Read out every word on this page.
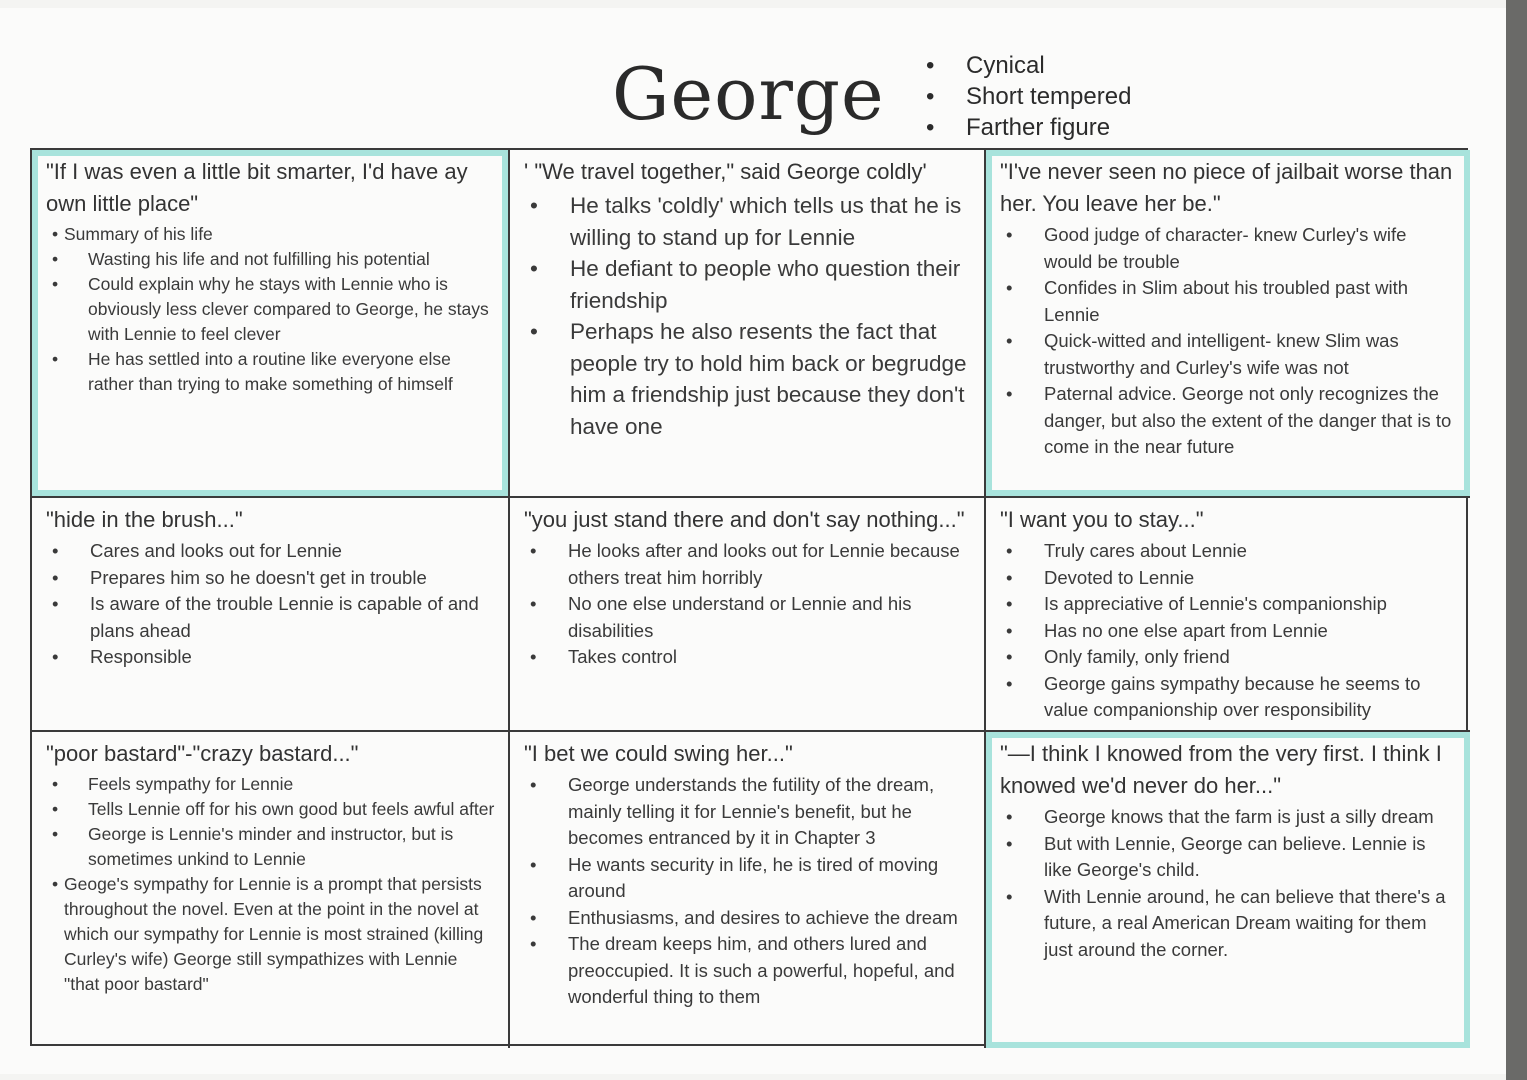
George
•	Cynical
• Short tempered
• Farther figure

"If I was even a little bit smarter, I'd have ay own little place"

• Summary of his life
• Wasting his life and not fulfilling his potential
• Could explain why he stays with Lennie who is obviously less clever compared to George, he stays with Lennie to feel clever
• He has settled into a routine like everyone else rather than trying to make something of himself

' "We travel together," said George coldly'

• He talks 'coldly' which tells us that he is willing to stand up for Lennie
• He defiant to people who question their friendship
• Perhaps he also resents the fact that people try to hold him back or begrudge him a friendship just because they don't have one

"I've never seen no piece of jailbait worse than her. You leave her be."

• Good judge of character- knew Curley's wife would be trouble
• Confides in Slim about his troubled past with Lennie
• Quick-witted and intelligent- knew Slim was trustworthy and Curley's wife was not
• Paternal advice. George not only recognizes the danger, but also the extent of the danger that is to come in the near future

"hide in the brush..."

• Cares and looks out for Lennie
• Prepares him so he doesn't get in trouble
• Is aware of the trouble Lennie is capable of and plans ahead
• Responsible

"you just stand there and don't say nothing..."

• He looks after and looks out for Lennie because others treat him horribly
• No one else understand or Lennie and his disabilities
• Takes control

"I want you to stay..."

• Truly cares about Lennie
• Devoted to Lennie
• Is appreciative of Lennie's companionship
• Has no one else apart from Lennie
• Only family, only friend
• George gains sympathy because he seems to value companionship over responsibility

"poor bastard"-"crazy bastard..."

• Feels sympathy for Lennie
• Tells Lennie off for his own good but feels awful after
• George is Lennie's minder and instructor, but is sometimes unkind to Lennie
• Geoge's sympathy for Lennie is a prompt that persists throughout the novel. Even at the point in the novel at which our sympathy for Lennie is most strained (killing Curley's wife) George still sympathizes with Lennie "that poor bastard"

"I bet we could swing her..."

• George understands the futility of the dream, mainly telling it for Lennie's benefit, but he becomes entranced by it in Chapter 3
• He wants security in life, he is tired of moving around
• Enthusiasms, and desires to achieve the dream
• The dream keeps him, and others lured and preoccupied. It is such a powerful, hopeful, and wonderful thing to them

"—I think I knowed from the very first. I think I knowed we'd never do her..."

• George knows that the farm is just a silly dream
• But with Lennie, George can believe. Lennie is like George's child.
• With Lennie around, he can believe that there's a future, a real American Dream waiting for them just around the corner.
